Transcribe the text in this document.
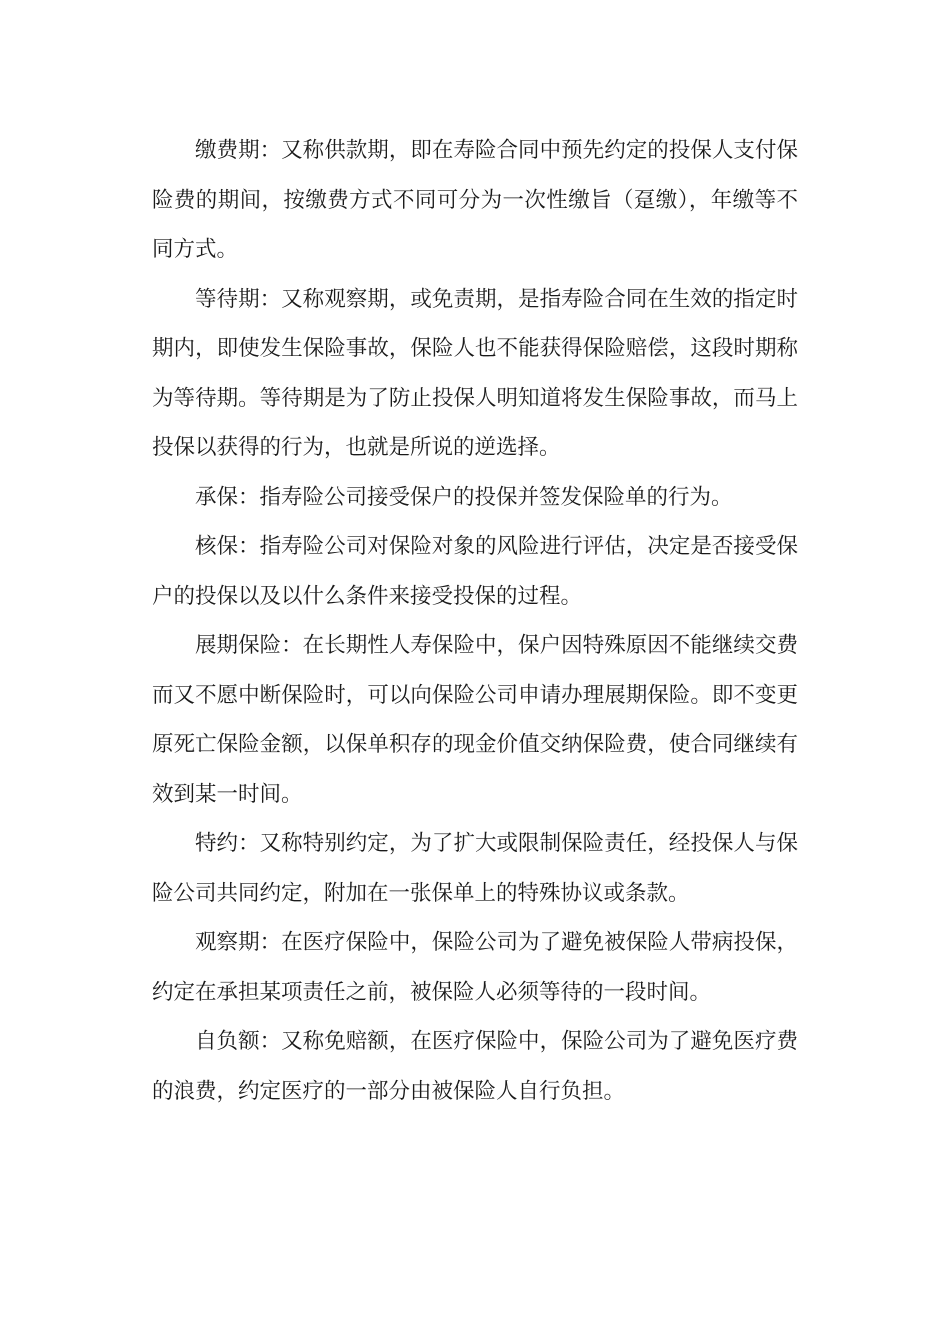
缴费期：又称供款期，即在寿险合同中预先约定的投保人支付保险费的期间，按缴费方式不同可分为一次性缴旨（趸缴），年缴等不同方式。

等待期：又称观察期，或免责期，是指寿险合同在生效的指定时期内，即使发生保险事故，保险人也不能获得保险赔偿，这段时期称为等待期。等待期是为了防止投保人明知道将发生保险事故，而马上投保以获得的行为，也就是所说的逆选择。

承保：指寿险公司接受保户的投保并签发保险单的行为。

核保：指寿险公司对保险对象的风险进行评估，决定是否接受保户的投保以及以什么条件来接受投保的过程。

展期保险：在长期性人寿保险中，保户因特殊原因不能继续交费而又不愿中断保险时，可以向保险公司申请办理展期保险。即不变更原死亡保险金额，以保单积存的现金价值交纳保险费，使合同继续有效到某一时间。

特约：又称特别约定，为了扩大或限制保险责任，经投保人与保险公司共同约定，附加在一张保单上的特殊协议或条款。

观察期：在医疗保险中，保险公司为了避免被保险人带病投保，约定在承担某项责任之前，被保险人必须等待的一段时间。

自负额：又称免赔额，在医疗保险中，保险公司为了避免医疗费的浪费，约定医疗的一部分由被保险人自行负担。
